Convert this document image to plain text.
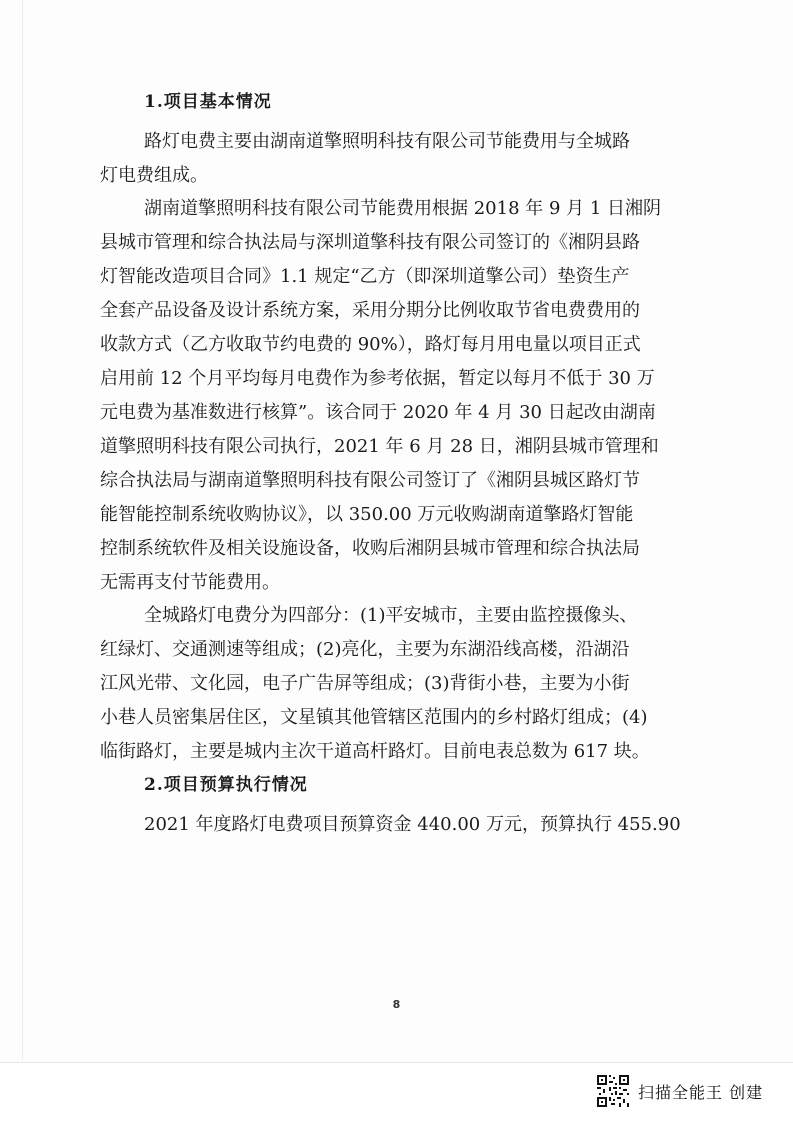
1.项目基本情况
路灯电费主要由湖南道擎照明科技有限公司节能费用与全城路
灯电费组成。
湖南道擎照明科技有限公司节能费用根据 2018 年 9 月 1 日湘阴
县城市管理和综合执法局与深圳道擎科技有限公司签订的《湘阴县路
灯智能改造项目合同》1.1 规定“乙方（即深圳道擎公司）垫资生产
全套产品设备及设计系统方案，采用分期分比例收取节省电费费用的
收款方式（乙方收取节约电费的 90%），路灯每月用电量以项目正式
启用前 12 个月平均每月电费作为参考依据，暂定以每月不低于 30 万
元电费为基准数进行核算”。该合同于 2020 年 4 月 30 日起改由湖南
道擎照明科技有限公司执行，2021 年 6 月 28 日，湘阴县城市管理和
综合执法局与湖南道擎照明科技有限公司签订了《湘阴县城区路灯节
能智能控制系统收购协议》，以 350.00 万元收购湖南道擎路灯智能
控制系统软件及相关设施设备，收购后湘阴县城市管理和综合执法局
无需再支付节能费用。
全城路灯电费分为四部分：(1)平安城市，主要由监控摄像头、
红绿灯、交通测速等组成；(2)亮化，主要为东湖沿线高楼，沿湖沿
江风光带、文化园，电子广告屏等组成；(3)背街小巷，主要为小街
小巷人员密集居住区，文星镇其他管辖区范围内的乡村路灯组成；(4)
临街路灯，主要是城内主次干道高杆路灯。目前电表总数为 617 块。
2.项目预算执行情况
2021 年度路灯电费项目预算资金 440.00 万元，预算执行 455.90
8
扫描全能王 创建
